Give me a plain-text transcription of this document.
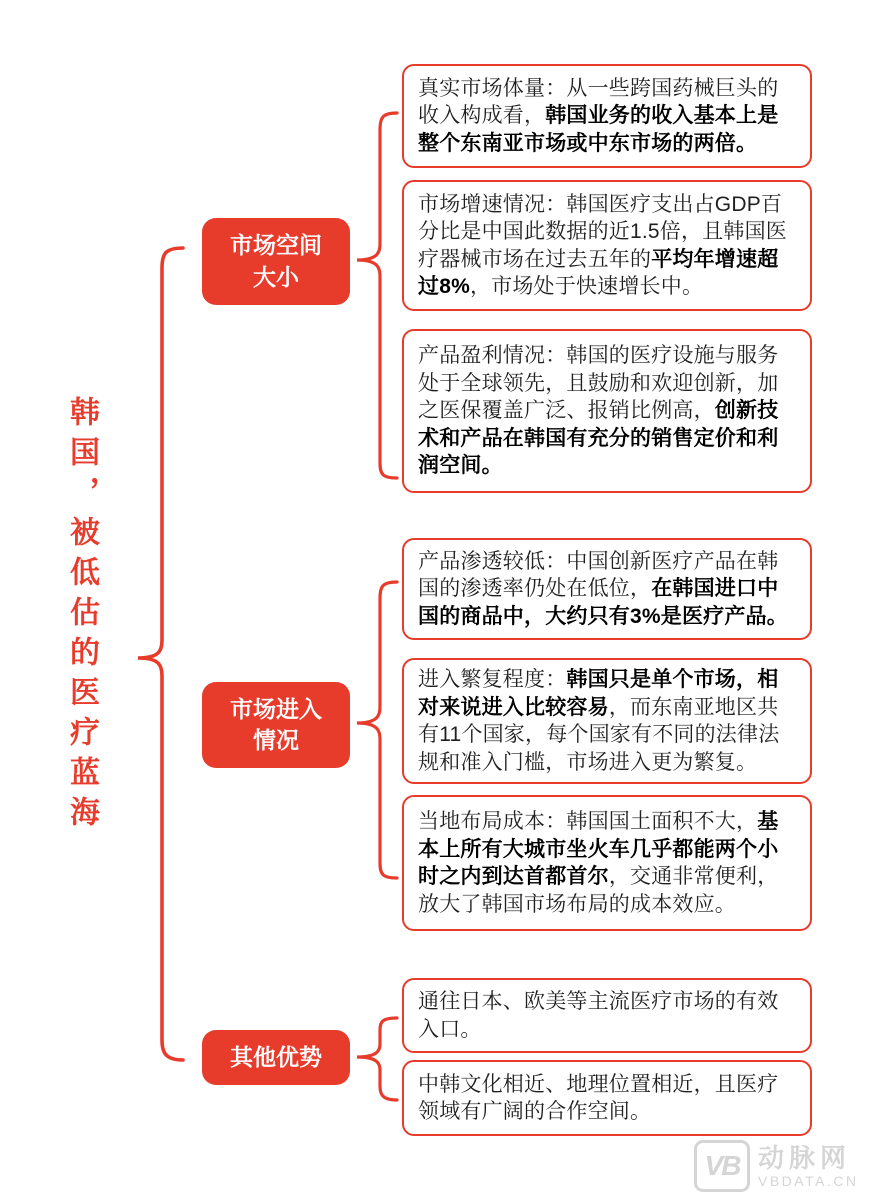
韩国，被低估的医疗蓝海
市场空间大小
市场进入情况
其他优势

真实市场体量：从一些跨国药械巨头的收入构成看，韩国业务的收入基本上是整个东南亚市场或中东市场的两倍。

市场增速情况：韩国医疗支出占GDP百分比是中国此数据的近1.5倍，且韩国医疗器械市场在过去五年的平均年增速超过8%，市场处于快速增长中。

产品盈利情况：韩国的医疗设施与服务处于全球领先，且鼓励和欢迎创新，加之医保覆盖广泛、报销比例高，创新技术和产品在韩国有充分的销售定价和利润空间。

产品渗透较低：中国创新医疗产品在韩国的渗透率仍处在低位，在韩国进口中国的商品中，大约只有3%是医疗产品。

进入繁复程度：韩国只是单个市场，相对来说进入比较容易，而东南亚地区共有11个国家，每个国家有不同的法律法规和准入门槛，市场进入更为繁复。

当地布局成本：韩国国土面积不大，基本上所有大城市坐火车几乎都能两个小时之内到达首都首尔，交通非常便利，放大了韩国市场布局的成本效应。

通往日本、欧美等主流医疗市场的有效入口。

中韩文化相近、地理位置相近，且医疗领域有广阔的合作空间。

VB 动脉网
VBDATA.CN
